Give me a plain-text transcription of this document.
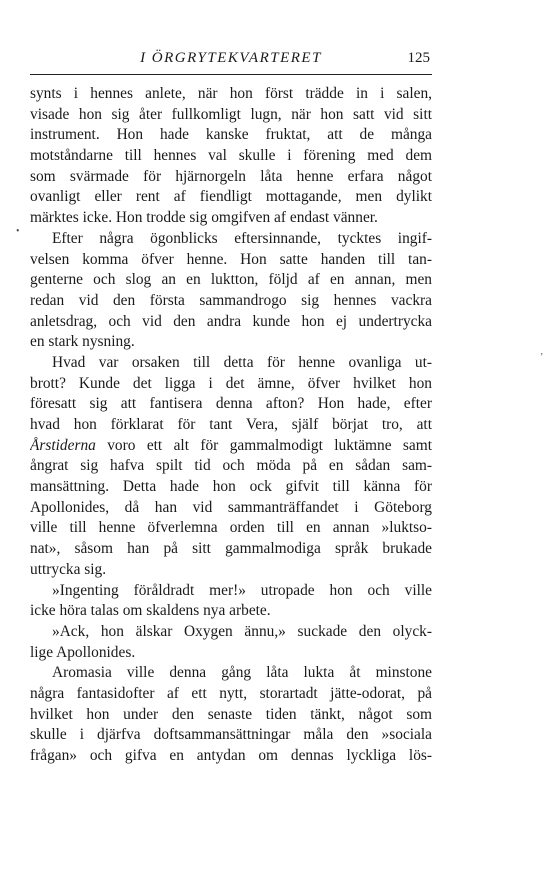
I ÖRGRYTEKVARTERET	125
•
ʼ
synts i hennes anlete, när hon först trädde in i salen,
visade hon sig åter fullkomligt lugn, när hon satt vid sitt
instrument. Hon hade kanske fruktat, att de många
motståndarne till hennes val skulle i förening med dem
som svärmade för hjärnorgeln låta henne erfara något
ovanligt eller rent af fiendligt mottagande, men dylikt
märktes icke. Hon trodde sig omgifven af endast vänner.
Efter några ögonblicks eftersinnande, tycktes ingif-
velsen komma öfver henne. Hon satte handen till tan-
genterne och slog an en luktton, följd af en annan, men
redan vid den första sammandrogo sig hennes vackra
anletsdrag, och vid den andra kunde hon ej undertrycka
en stark nysning.
Hvad var orsaken till detta för henne ovanliga ut-
brott? Kunde det ligga i det ämne, öfver hvilket hon
föresatt sig att fantisera denna afton? Hon hade, efter
hvad hon förklarat för tant Vera, själf börjat tro, att
Årstiderna voro ett alt för gammalmodigt luktämne samt
ångrat sig hafva spilt tid och möda på en sådan sam-
mansättning. Detta hade hon ock gifvit till känna för
Apollonides, då han vid sammanträffandet i Göteborg
ville till henne öfverlemna orden till en annan »luktso-
nat», såsom han på sitt gammalmodiga språk brukade
uttrycka sig.
»Ingenting föråldradt mer!» utropade hon och ville
icke höra talas om skaldens nya arbete.
»Ack, hon älskar Oxygen ännu,» suckade den olyck-
lige Apollonides.
Aromasia ville denna gång låta lukta åt minstone
några fantasidofter af ett nytt, storartadt jätte-odorat, på
hvilket hon under den senaste tiden tänkt, något som
skulle i djärfva doftsammansättningar måla den »sociala
frågan» och gifva en antydan om dennas lyckliga lös-
